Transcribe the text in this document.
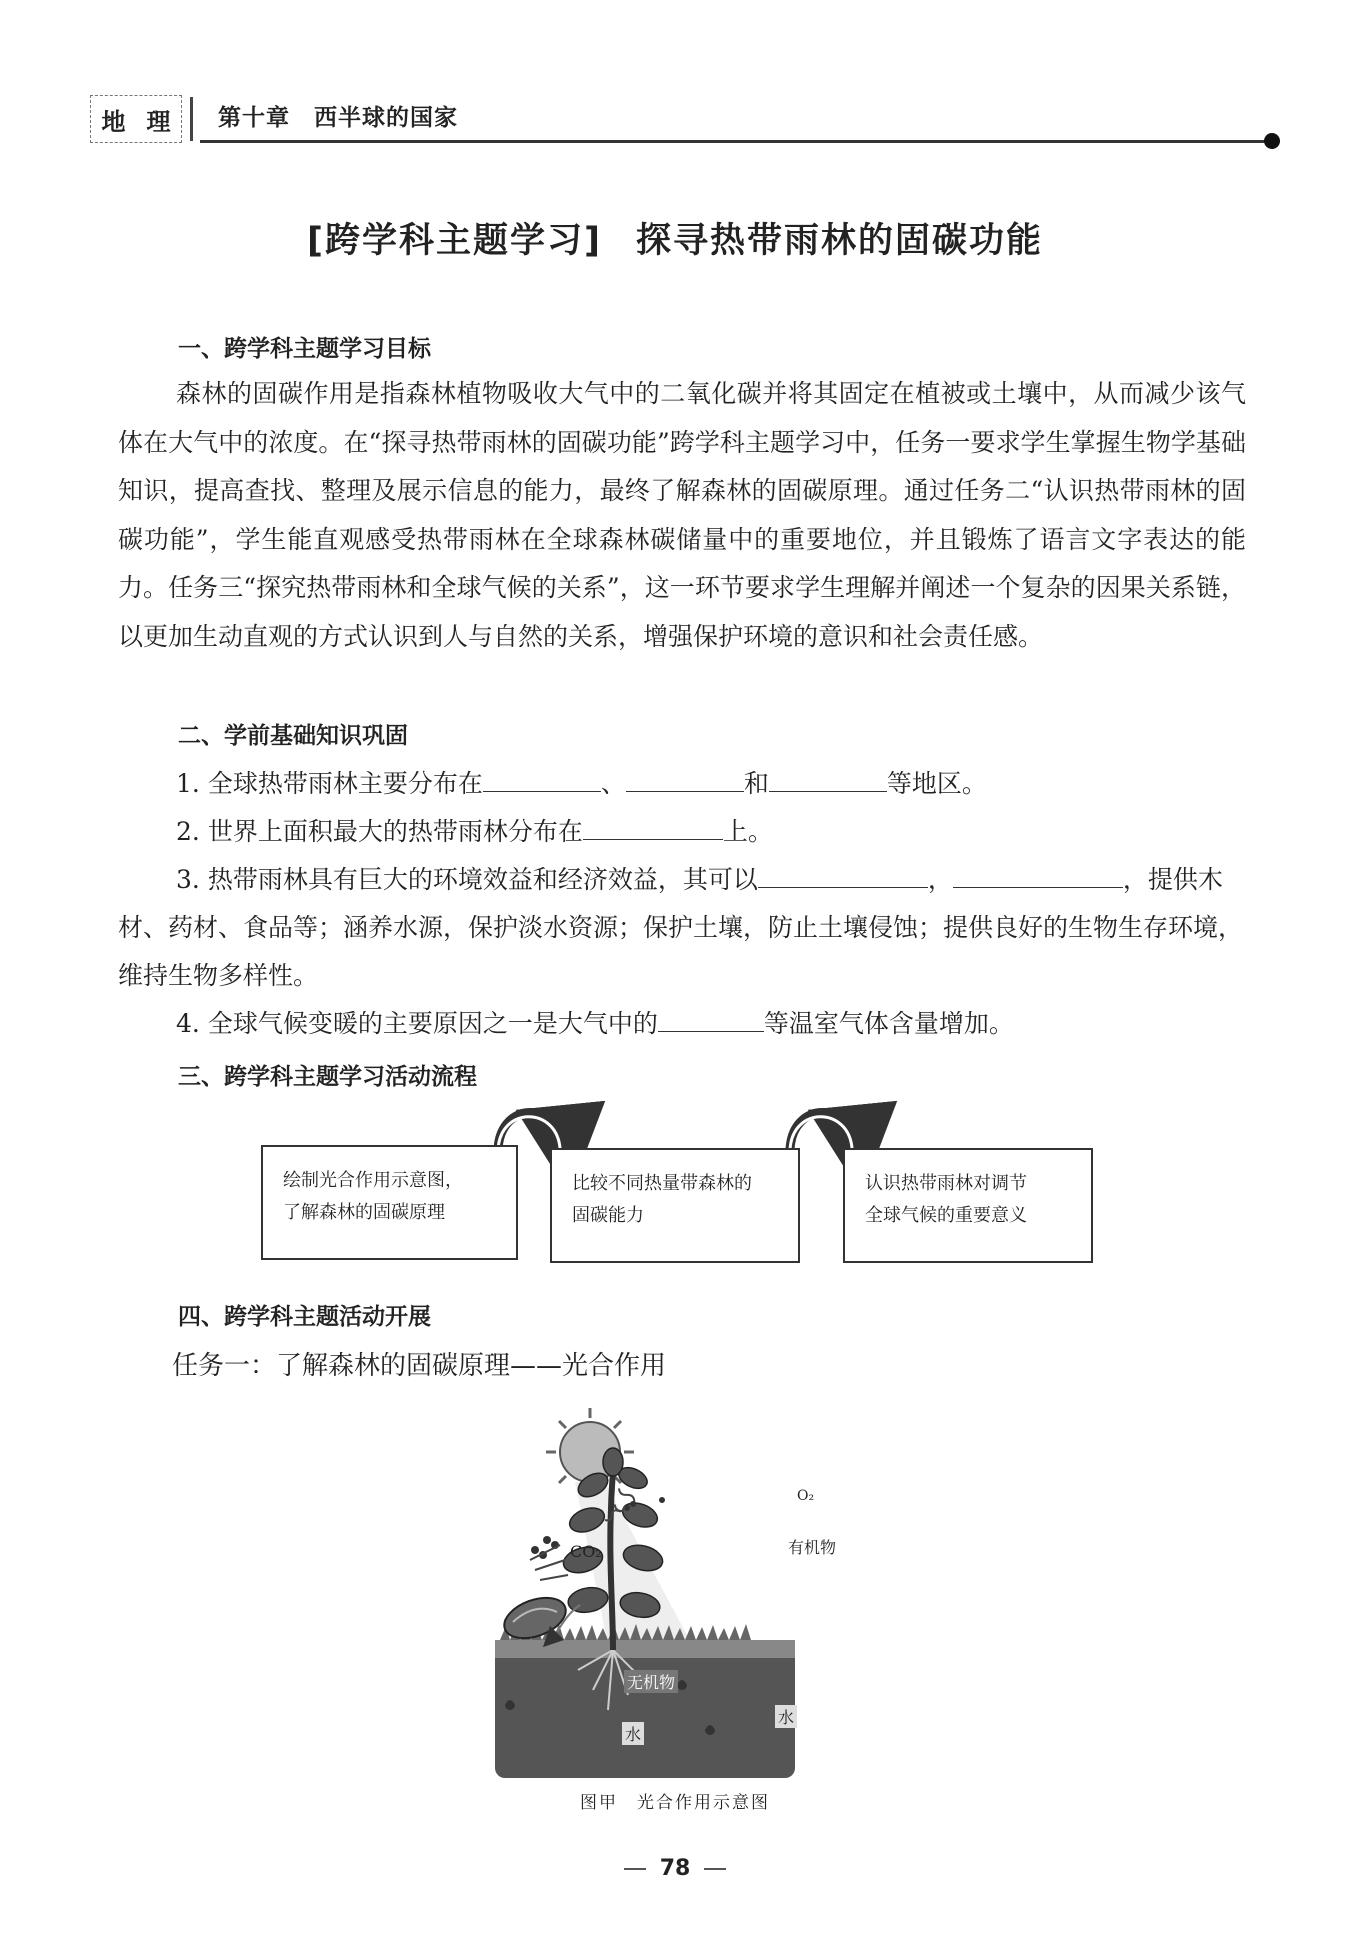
地 理 第十章　西半球的国家
[跨学科主题学习] 探寻热带雨林的固碳功能
一、跨学科主题学习目标

森林的固碳作用是指森林植物吸收大气中的二氧化碳并将其固定在植被或土壤中，从而减少该气体在大气中的浓度。在“探寻热带雨林的固碳功能”跨学科主题学习中，任务一要求学生掌握生物学基础知识，提高查找、整理及展示信息的能力，最终了解森林的固碳原理。通过任务二“认识热带雨林的固碳功能”，学生能直观感受热带雨林在全球森林碳储量中的重要地位，并且锻炼了语言文字表达的能力。任务三“探究热带雨林和全球气候的关系”，这一环节要求学生理解并阐述一个复杂的因果关系链，以更加生动直观的方式认识到人与自然的关系，增强保护环境的意识和社会责任感。

二、学前基础知识巩固

1. 全球热带雨林主要分布在	、	和	等地区。

2. 世界上面积最大的热带雨林分布在	上。

3. 热带雨林具有巨大的环境效益和经济效益，其可以	，	，提供木材、药材、食品等；涵养水源，保护淡水资源；保护土壤，防止土壤侵蚀；提供良好的生物生存环境，维持生物多样性。

4. 全球气候变暖的主要原因之一是大气中的	等温室气体含量增加。

三、跨学科主题学习活动流程
绘制光合作用示意图，
了解森林的固碳原理
比较不同热量带森林的
固碳能力
认识热带雨林对调节
全球气候的重要意义
四、跨学科主题活动开展
任务一：了解森林的固碳原理——光合作用
O₂
CO₂	有机物
无机物
水
水
图甲　光合作用示意图
78
